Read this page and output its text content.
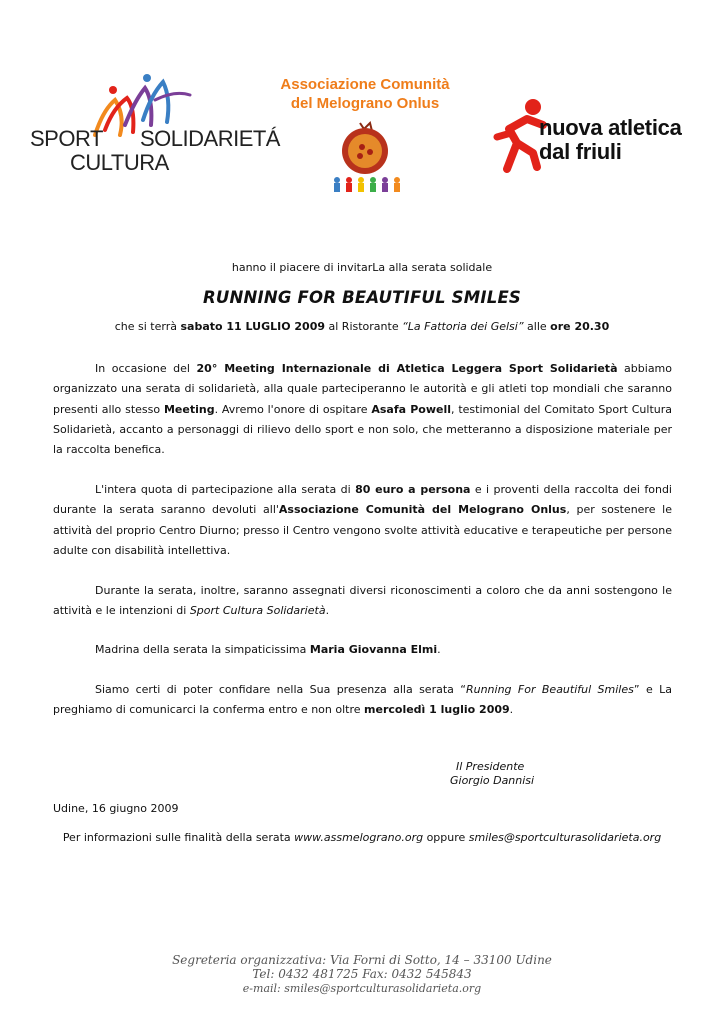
SPORT SOLIDARIETÁ
CULTURA
Associazione Comunità
del Melograno Onlus
nuova atletica
dal friuli
hanno il piacere di invitarLa alla serata solidale
RUNNING FOR BEAUTIFUL SMILES
che si terrà sabato 11 LUGLIO 2009 al Ristorante “La Fattoria dei Gelsi” alle ore 20.30
In occasione del 20° Meeting Internazionale di Atletica Leggera Sport Solidarietà abbiamo organizzato una serata di solidarietà, alla quale parteciperanno le autorità e gli atleti top mondiali che saranno presenti allo stesso Meeting. Avremo l'onore di ospitare Asafa Powell, testimonial del Comitato Sport Cultura Solidarietà, accanto a personaggi di rilievo dello sport e non solo, che metteranno a disposizione materiale per la raccolta benefica.
L'intera quota di partecipazione alla serata di 80 euro a persona e i proventi della raccolta dei fondi durante la serata saranno devoluti all'Associazione Comunità del Melograno Onlus, per sostenere le attività del proprio Centro Diurno; presso il Centro vengono svolte attività educative e terapeutiche per persone adulte con disabilità intellettiva.
Durante la serata, inoltre, saranno assegnati diversi riconoscimenti a coloro che da anni sostengono le attività e le intenzioni di Sport Cultura Solidarietà.
Madrina della serata la simpaticissima Maria Giovanna Elmi.
Siamo certi di poter confidare nella Sua presenza alla serata “Running For Beautiful Smiles” e La preghiamo di comunicarci la conferma entro e non oltre mercoledì 1 luglio 2009.
Il Presidente
Giorgio Dannisi
Udine, 16 giugno 2009
Per informazioni sulle finalità della serata www.assmelograno.org oppure smiles@sportculturasolidarieta.org
Segreteria organizzativa: Via Forni di Sotto, 14 – 33100 Udine
Tel: 0432 481725 Fax: 0432 545843
e-mail: smiles@sportculturasolidarieta.org
